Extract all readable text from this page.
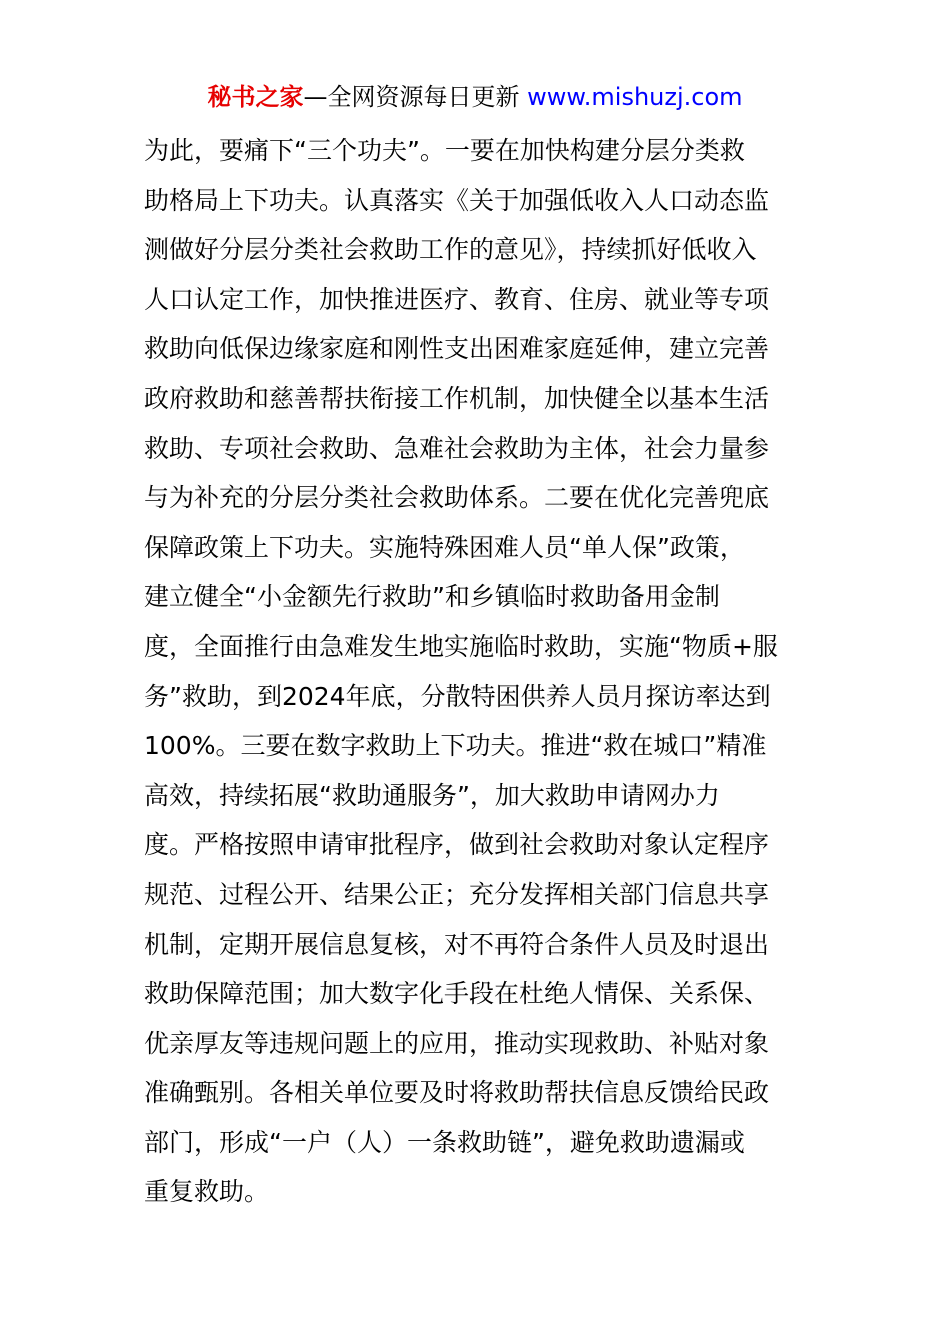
秘书之家—全网资源每日更新 www.mishuzj.com
为此，要痛下“三个功夫”。一要在加快构建分层分类救
助格局上下功夫。认真落实《关于加强低收入人口动态监
测做好分层分类社会救助工作的意见》，持续抓好低收入
人口认定工作，加快推进医疗、教育、住房、就业等专项
救助向低保边缘家庭和刚性支出困难家庭延伸，建立完善
政府救助和慈善帮扶衔接工作机制，加快健全以基本生活
救助、专项社会救助、急难社会救助为主体，社会力量参
与为补充的分层分类社会救助体系。二要在优化完善兜底
保障政策上下功夫。实施特殊困难人员“单人保”政策，
建立健全“小金额先行救助”和乡镇临时救助备用金制
度，全面推行由急难发生地实施临时救助，实施“物质+服
务”救助，到2024年底，分散特困供养人员月探访率达到
100%。三要在数字救助上下功夫。推进“救在城口”精准
高效，持续拓展“救助通服务”，加大救助申请网办力
度。严格按照申请审批程序，做到社会救助对象认定程序
规范、过程公开、结果公正；充分发挥相关部门信息共享
机制，定期开展信息复核，对不再符合条件人员及时退出
救助保障范围；加大数字化手段在杜绝人情保、关系保、
优亲厚友等违规问题上的应用，推动实现救助、补贴对象
准确甄别。各相关单位要及时将救助帮扶信息反馈给民政
部门，形成“一户（人）一条救助链”，避免救助遗漏或
重复救助。
